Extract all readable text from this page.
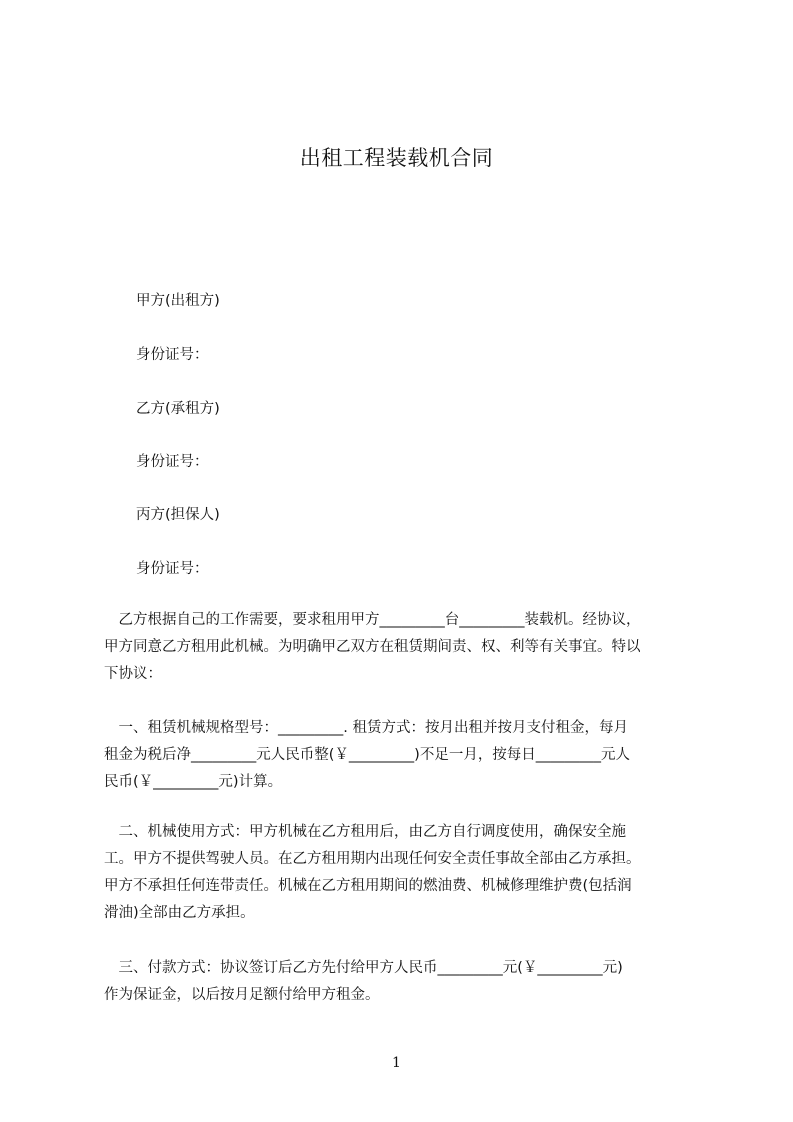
出租工程装载机合同
甲方(出租方)
身份证号：
乙方(承租方)
身份证号：
丙方(担保人)
身份证号：
　乙方根据自己的工作需要，要求租用甲方_________台_________装载机。经协议，
甲方同意乙方租用此机械。为明确甲乙双方在租赁期间责、权、利等有关事宜。特以
下协议：
　一、租赁机械规格型号：_________. 租赁方式：按月出租并按月支付租金，每月
租金为税后净_________元人民币整(￥_________)不足一月，按每日_________元人
民币(￥_________元)计算。
　二、机械使用方式：甲方机械在乙方租用后，由乙方自行调度使用，确保安全施
工。甲方不提供驾驶人员。在乙方租用期内出现任何安全责任事故全部由乙方承担。
甲方不承担任何连带责任。机械在乙方租用期间的燃油费、机械修理维护费(包括润
滑油)全部由乙方承担。
　三、付款方式：协议签订后乙方先付给甲方人民币_________元(￥_________元)
作为保证金，以后按月足额付给甲方租金。
1
